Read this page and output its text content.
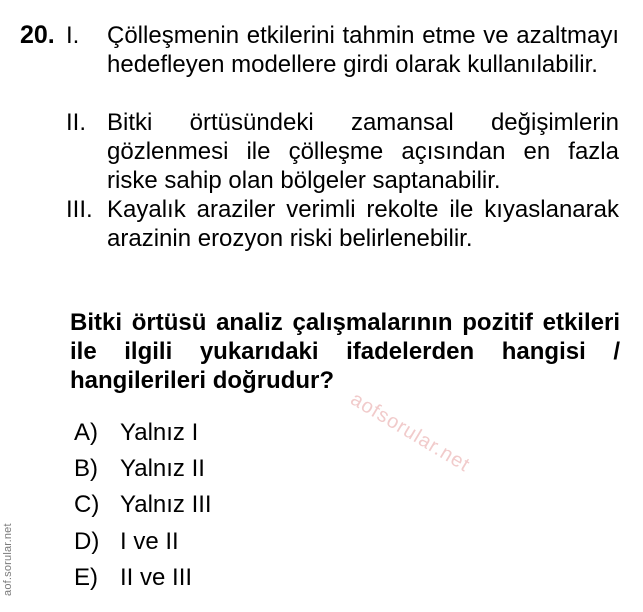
20. I. Çölleşmenin etkilerini tahmin etme ve azaltmayı hedefleyen modellere girdi olarak kullanılabilir.
II. Bitki örtüsündeki zamansal değişimlerin gözlenmesi ile çölleşme açısından en fazla riske sahip olan bölgeler saptanabilir.
III. Kayalık araziler verimli rekolte ile kıyaslanarak arazinin erozyon riski belirlenebilir.
Bitki örtüsü analiz çalışmalarının pozitif etkileri ile ilgili yukarıdaki ifadelerden hangisi / hangilerileri doğrudur?
A) Yalnız I
B) Yalnız II
C) Yalnız III
D) I ve II
E) II ve III
aof.sorular.net
aofsorular.net
